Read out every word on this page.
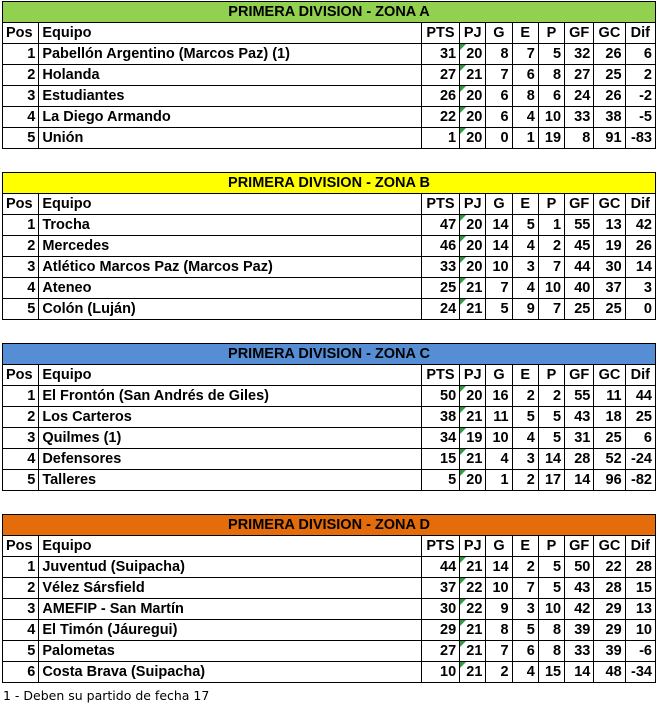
PRIMERA DIVISION - ZONA A									
Pos	Equipo	PTS	PJ	G	E	P	GF	GC	Dif
1	Pabellón Argentino (Marcos Paz) (1)	31	20	8	7	5	32	26	6
2	Holanda	27	21	7	6	8	27	25	2
3	Estudiantes	26	20	6	8	6	24	26	-2
4	La Diego Armando	22	20	6	4	10	33	38	-5
5	Unión	1	20	0	1	19	8	91	-83
PRIMERA DIVISION - ZONA B									
Pos	Equipo	PTS	PJ	G	E	P	GF	GC	Dif
1	Trocha	47	20	14	5	1	55	13	42
2	Mercedes	46	20	14	4	2	45	19	26
3	Atlético Marcos Paz (Marcos Paz)	33	20	10	3	7	44	30	14
4	Ateneo	25	21	7	4	10	40	37	3
5	Colón (Luján)	24	21	5	9	7	25	25	0
PRIMERA DIVISION - ZONA C									
Pos	Equipo	PTS	PJ	G	E	P	GF	GC	Dif
1	El Frontón (San Andrés de Giles)	50	20	16	2	2	55	11	44
2	Los Carteros	38	21	11	5	5	43	18	25
3	Quilmes (1)	34	19	10	4	5	31	25	6
4	Defensores	15	21	4	3	14	28	52	-24
5	Talleres	5	20	1	2	17	14	96	-82
PRIMERA DIVISION - ZONA D									
Pos	Equipo	PTS	PJ	G	E	P	GF	GC	Dif
1	Juventud (Suipacha)	44	21	14	2	5	50	22	28
2	Vélez Sársfield	37	22	10	7	5	43	28	15
3	AMEFIP - San Martín	30	22	9	3	10	42	29	13
4	El Timón (Jáuregui)	29	21	8	5	8	39	29	10
5	Palometas	27	21	7	6	8	33	39	-6
6	Costa Brava (Suipacha)	10	21	2	4	15	14	48	-34
1 - Deben su partido de fecha 17
